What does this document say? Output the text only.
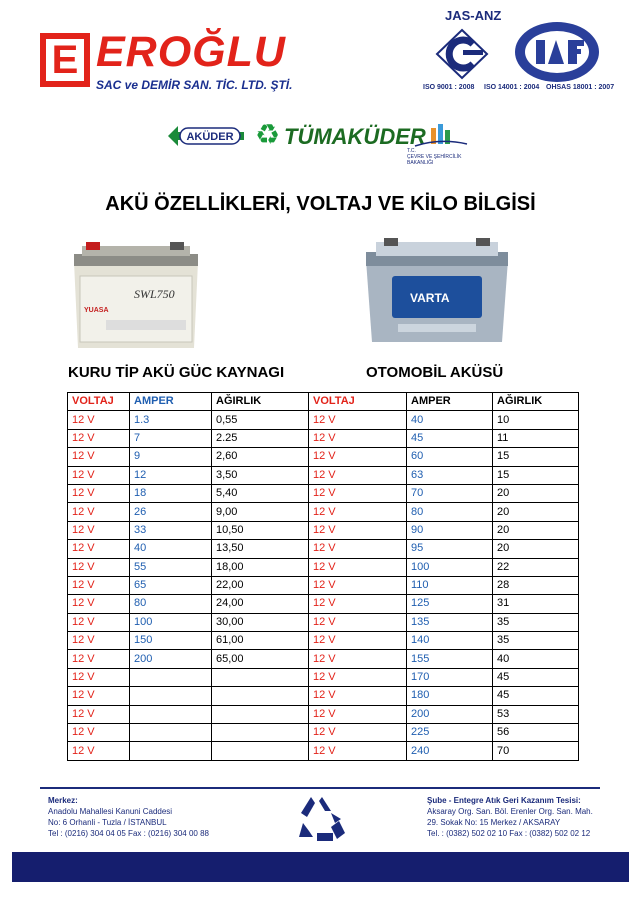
E EROĞLU
SAC ve DEMİR SAN. TİC. LTD. ŞTİ.
JAS-ANZ
ISO 9001 : 2008 ISO 14001 : 2004 OHSAS 18001 : 2007
AKÜDER ♻ TÜMAKÜDER
T.C.
ÇEVRE VE ŞEHİRCİLİK
BAKANLIĞI
AKÜ ÖZELLİKLERİ, VOLTAJ VE KİLO BİLGİSİ
SWL750
YUASA
VARTA
KURU TİP AKÜ GÜC KAYNAGI	OTOMOBİL AKÜSÜ
VOLTAJ	AMPER	AĞIRLIK	VOLTAJ	AMPER	AĞIRLIK
12 V	1.3	0,55	12 V	40	10
12 V	7	2.25	12 V	45	11
12 V	9	2,60	12 V	60	15
12 V	12	3,50	12 V	63	15
12 V	18	5,40	12 V	70	20
12 V	26	9,00	12 V	80	20
12 V	33	10,50	12 V	90	20
12 V	40	13,50	12 V	95	20
12 V	55	18,00	12 V	100	22
12 V	65	22,00	12 V	110	28
12 V	80	24,00	12 V	125	31
12 V	100	30,00	12 V	135	35
12 V	150	61,00	12 V	140	35
12 V	200	65,00	12 V	155	40
12 V			12 V	170	45
12 V			12 V	180	45
12 V			12 V	200	53
12 V			12 V	225	56
12 V			12 V	240	70
Merkez:
Anadolu Mahallesi Kanuni Caddesi
No: 6 Orhanli - Tuzla / İSTANBUL
Tel : (0216) 304 04 05 Fax : (0216) 304 00 88
Şube - Entegre Atık Geri Kazanım Tesisi:
Aksaray Org. San. Böl. Erenler Org. San. Mah.
29. Sokak No: 15 Merkez / AKSARAY
Tel. : (0382) 502 02 10 Fax : (0382) 502 02 12
